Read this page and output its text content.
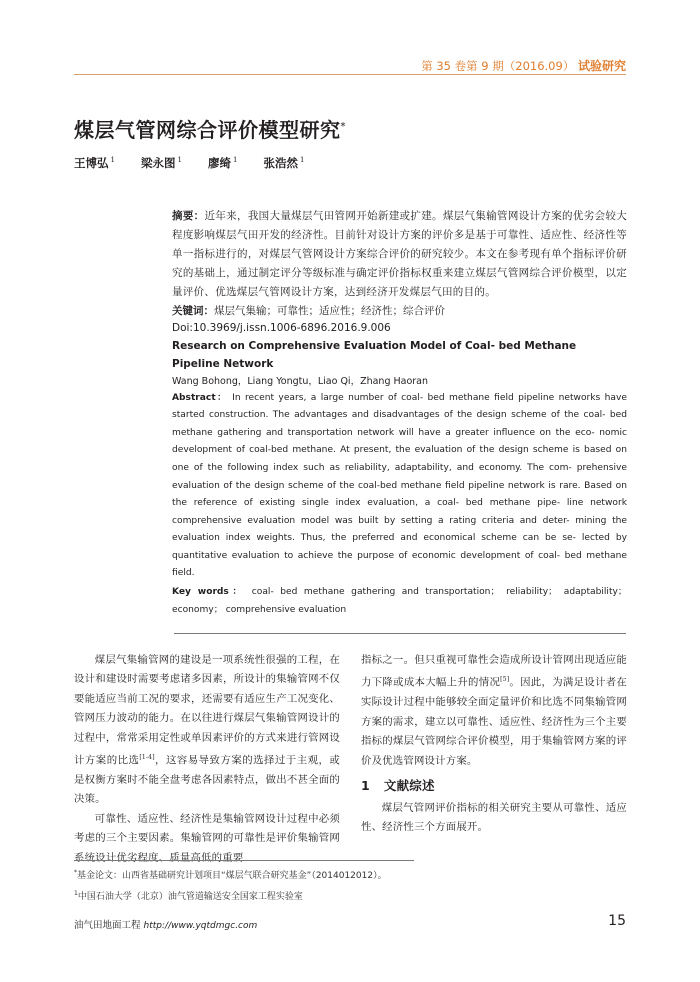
第 35 卷第 9 期（2016.09） 试验研究
煤层气管网综合评价模型研究*
王博弘 $^1$ 梁永图 $^1$ 廖绮 $^1$ 张浩然 $^1$

摘要：近年来，我国大量煤层气田管网开始新建或扩建。煤层气集输管网设计方案的优劣会较大程度影响煤层气田开发的经济性。目前针对设计方案的评价多是基于可靠性、适应性、经济性等单一指标进行的，对煤层气管网设计方案综合评价的研究较少。本文在参考现有单个指标评价研究的基础上，通过制定评分等级标准与确定评价指标权重来建立煤层气管网综合评价模型，以定量评价、优选煤层气管网设计方案，达到经济开发煤层气田的目的。

关键词：煤层气集输；可靠性；适应性；经济性；综合评价

Doi:10.3969/j.issn.1006-6896.2016.9.006

Research on Comprehensive Evaluation Model of Coal- bed Methane Pipeline Network

Wang Bohong，Liang Yongtu，Liao Qi，Zhang Haoran

Abstract： In recent years, a large number of coal- bed methane field pipeline networks have started construction. The advantages and disadvantages of the design scheme of the coal- bed methane gathering and transportation network will have a greater influence on the eco- nomic development of coal-bed methane. At present, the evaluation of the design scheme is based on one of the following index such as reliability, adaptability, and economy. The com- prehensive evaluation of the design scheme of the coal-bed methane field pipeline network is rare. Based on the reference of existing single index evaluation, a coal- bed methane pipe- line network comprehensive evaluation model was built by setting a rating criteria and deter- mining the evaluation index weights. Thus, the preferred and economical scheme can be se- lected by quantitative evaluation to achieve the purpose of economic development of coal- bed methane field.

Key words： coal- bed methane gathering and transportation； reliability； adaptability； economy； comprehensive evaluation

煤层气集输管网的建设是一项系统性很强的工程，在设计和建设时需要考虑诸多因素，所设计的集输管网不仅要能适应当前工况的要求，还需要有适应生产工况变化、管网压力波动的能力。在以往进行煤层气集输管网设计的过程中，常常采用定性或单因素评价的方式来进行管网设计方案的比选[1-4]，这容易导致方案的选择过于主观，或是权衡方案时不能全盘考虑各因素特点，做出不甚全面的决策。

可靠性、适应性、经济性是集输管网设计过程中必须考虑的三个主要因素。集输管网的可靠性是评价集输管网系统设计优劣程度、质量高低的重要

指标之一。但只重视可靠性会造成所设计管网出现适应能力下降或成本大幅上升的情况[5]。因此，为满足设计者在实际设计过程中能够较全面定量评价和比选不同集输管网方案的需求，建立以可靠性、适应性、经济性为三个主要指标的煤层气管网综合评价模型，用于集输管网方案的评价及优选管网设计方案。

1 文献综述

煤层气管网评价指标的相关研究主要从可靠性、适应性、经济性三个方面展开。

*基金论文：山西省基础研究计划项目“煤层气联合研究基金”（2014012012）。
$^1$中国石油大学（北京）油气管道输送安全国家工程实验室
油气田地面工程 http://www.yqtdmgc.com	15
